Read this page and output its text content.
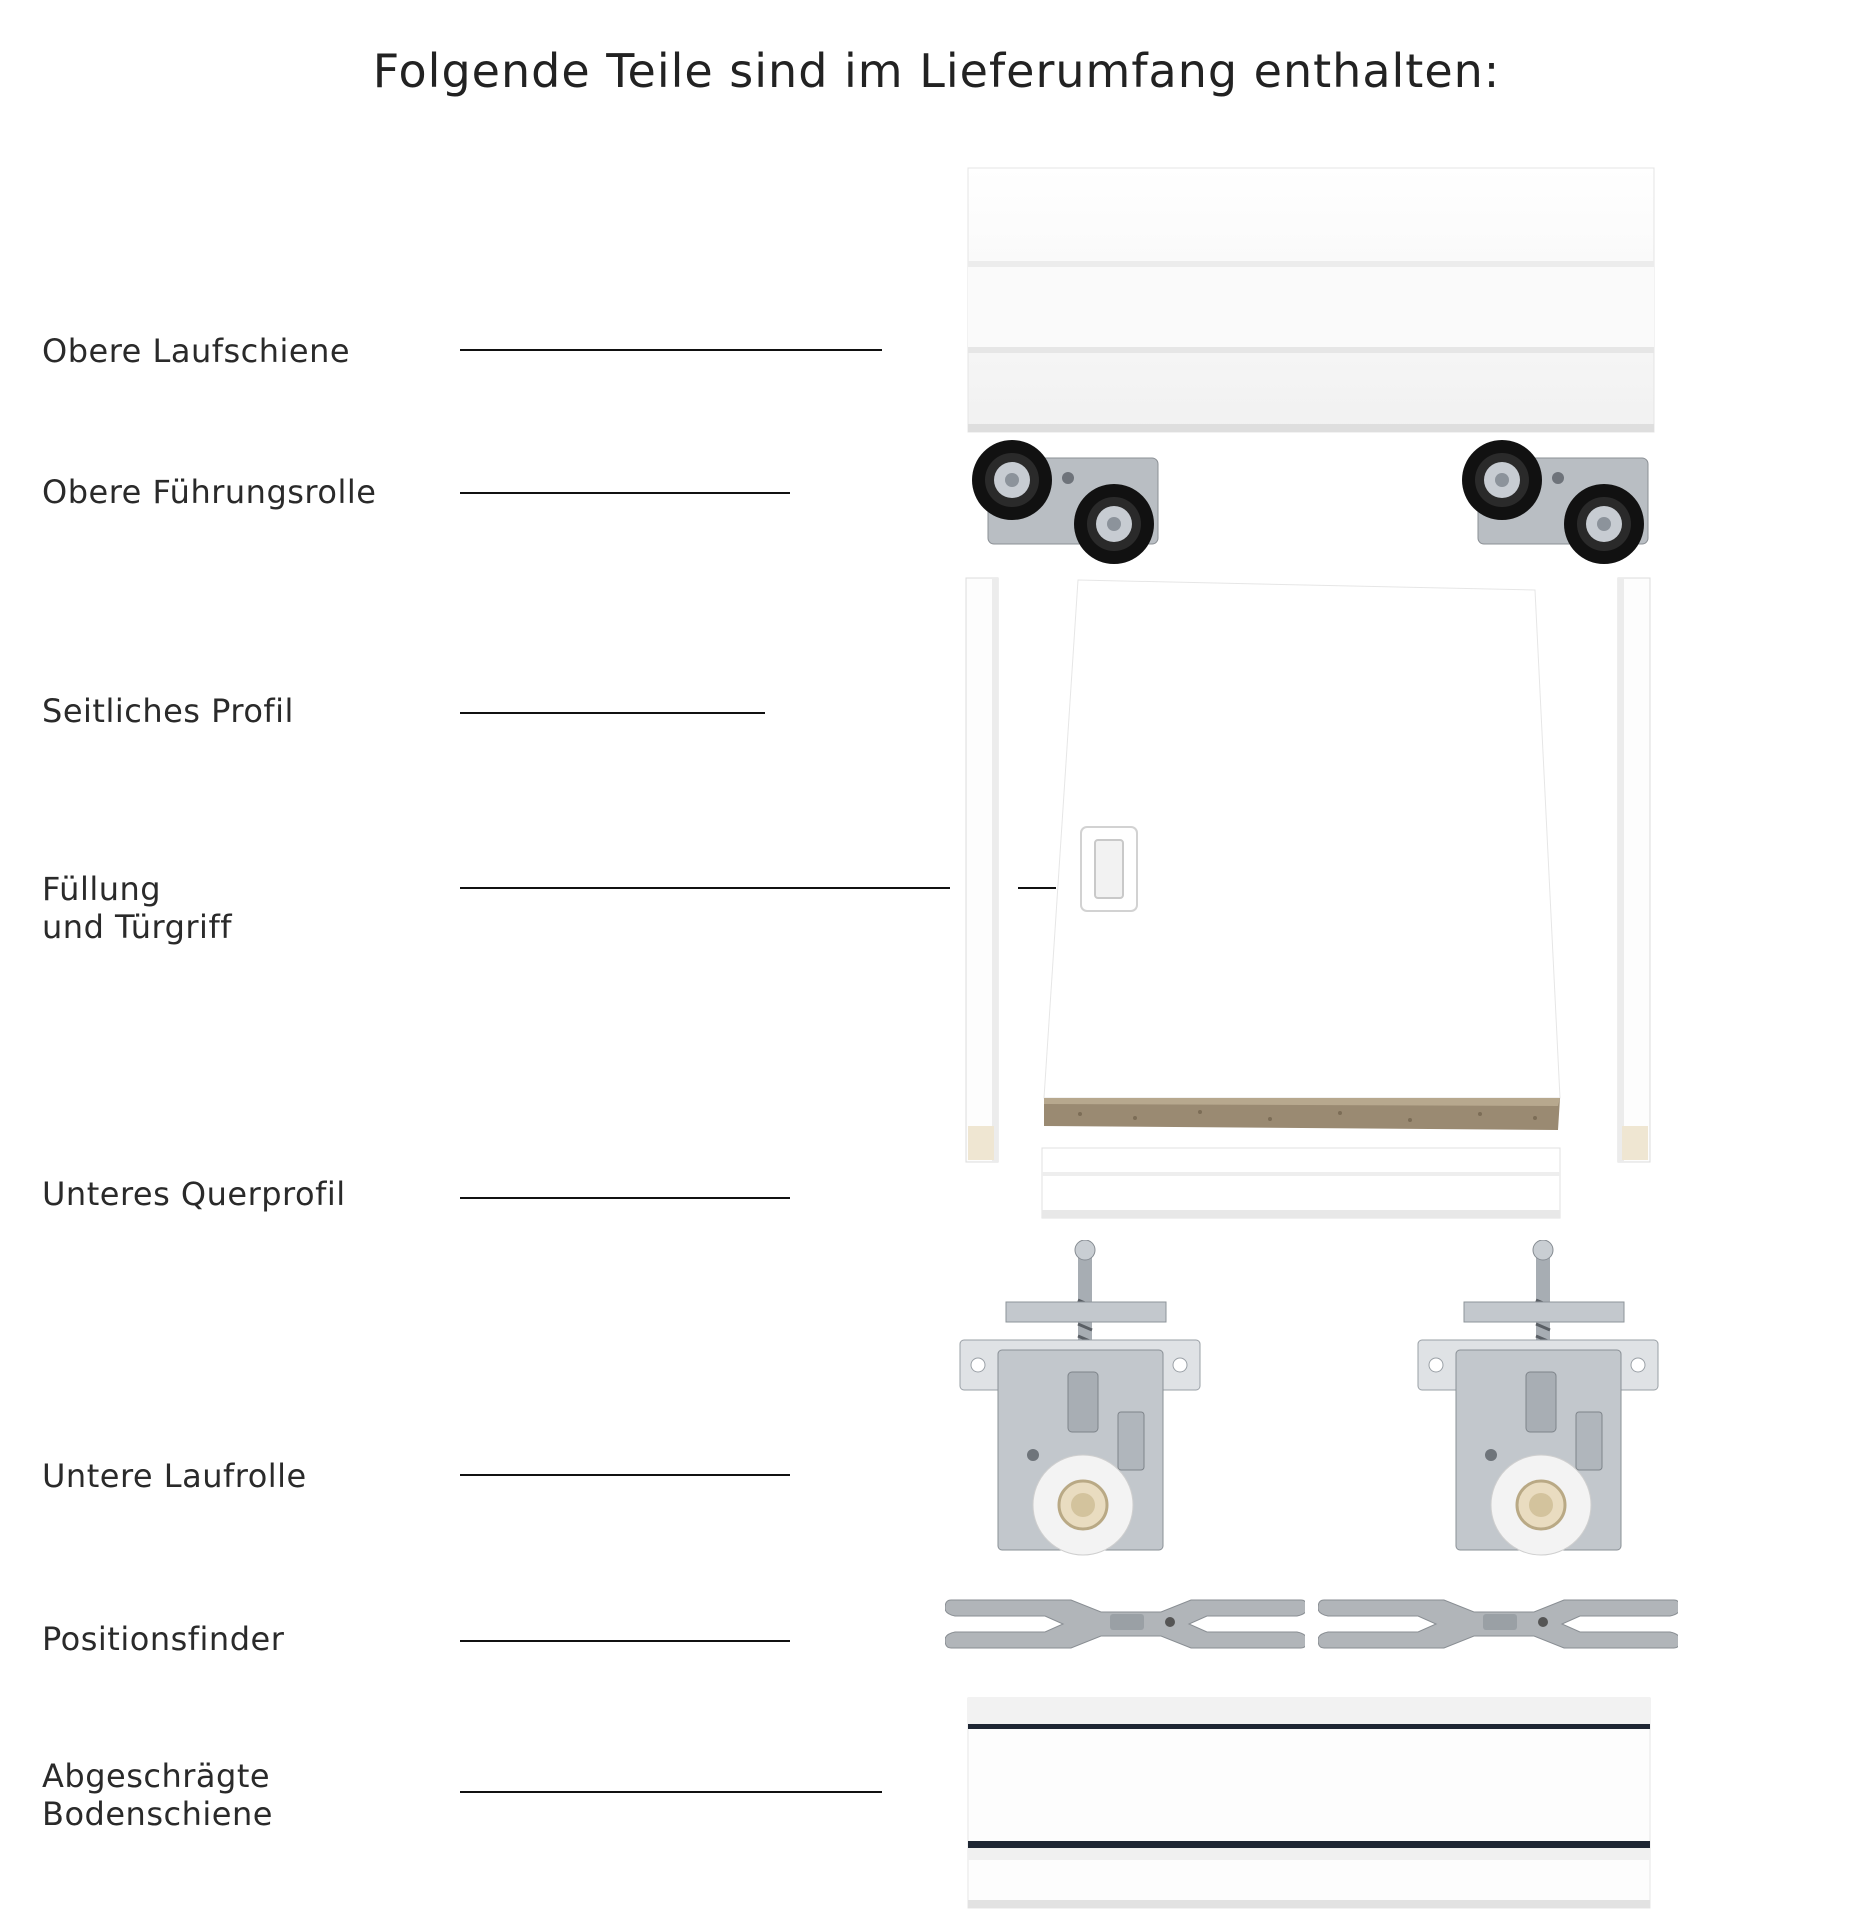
Folgende Teile sind im Lieferumfang enthalten:
Obere Laufschiene
Obere Führungsrolle
Seitliches Profil
Füllung
und Türgriff
Unteres Querprofil
Untere Laufrolle
Positionsfinder
Abgeschrägte
Bodenschiene
